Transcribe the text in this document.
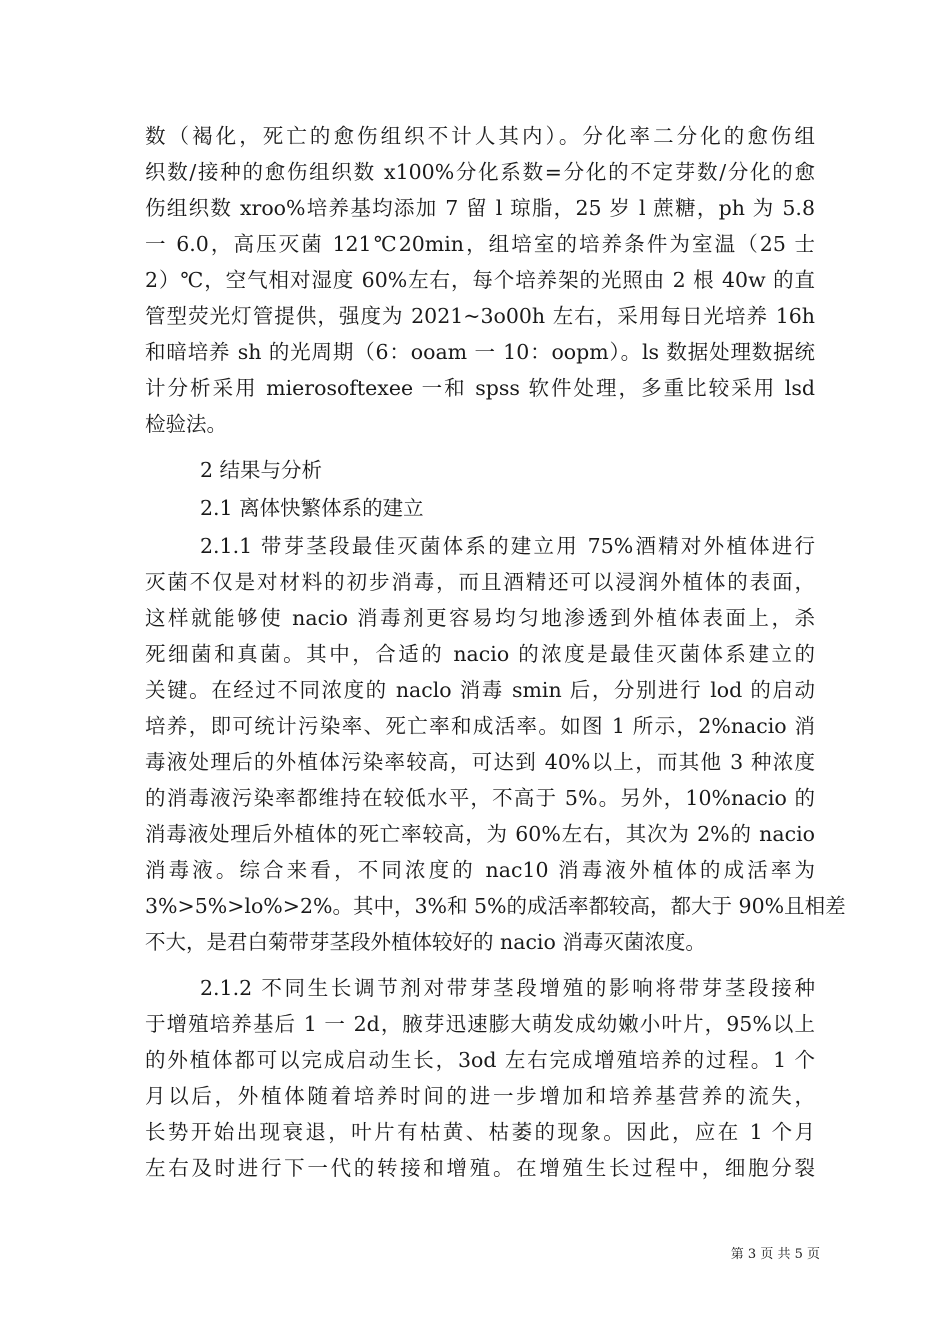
数（褐化，死亡的愈伤组织不计人其内）。分化率二分化的愈伤组
织数/接种的愈伤组织数 x100%分化系数=分化的不定芽数/分化的愈
伤组织数 xroo%培养基均添加 7 留 l 琼脂，25 岁 l 蔗糖，ph 为 5.8
一 6.0，高压灭菌 121℃20min，组培室的培养条件为室温（25 士
2）℃，空气相对湿度 60%左右，每个培养架的光照由 2 根 40w 的直
管型荧光灯管提供，强度为 2021~3o00h 左右，采用每日光培养 16h
和暗培养 sh 的光周期（6：ooam 一 10：oopm）。ls 数据处理数据统
计分析采用 mierosoftexee 一和 spss 软件处理，多重比较采用 lsd
检验法。
2 结果与分析
2.1 离体快繁体系的建立
2.1.1 带芽茎段最佳灭菌体系的建立用 75%酒精对外植体进行
灭菌不仅是对材料的初步消毒，而且酒精还可以浸润外植体的表面，
这样就能够使 nacio 消毒剂更容易均匀地渗透到外植体表面上，杀
死细菌和真菌。其中，合适的 nacio 的浓度是最佳灭菌体系建立的
关键。在经过不同浓度的 naclo 消毒 smin 后，分别进行 lod 的启动
培养，即可统计污染率、死亡率和成活率。如图 1 所示，2%nacio 消
毒液处理后的外植体污染率较高，可达到 40%以上，而其他 3 种浓度
的消毒液污染率都维持在较低水平，不高于 5%。另外，10%nacio 的
消毒液处理后外植体的死亡率较高，为 60%左右，其次为 2%的 nacio
消毒液。综合来看，不同浓度的 nac10 消毒液外植体的成活率为
3%>5%>lo%>2%。其中，3%和 5%的成活率都较高，都大于 90%且相差
不大，是君白菊带芽茎段外植体较好的 nacio 消毒灭菌浓度。
2.1.2 不同生长调节剂对带芽茎段增殖的影响将带芽茎段接种
于增殖培养基后 1 一 2d，腋芽迅速膨大萌发成幼嫩小叶片，95%以上
的外植体都可以完成启动生长，3od 左右完成增殖培养的过程。1 个
月以后，外植体随着培养时间的进一步增加和培养基营养的流失，
长势开始出现衰退，叶片有枯黄、枯萎的现象。因此，应在 1 个月
左右及时进行下一代的转接和增殖。在增殖生长过程中，细胞分裂
第 3 页 共 5 页
